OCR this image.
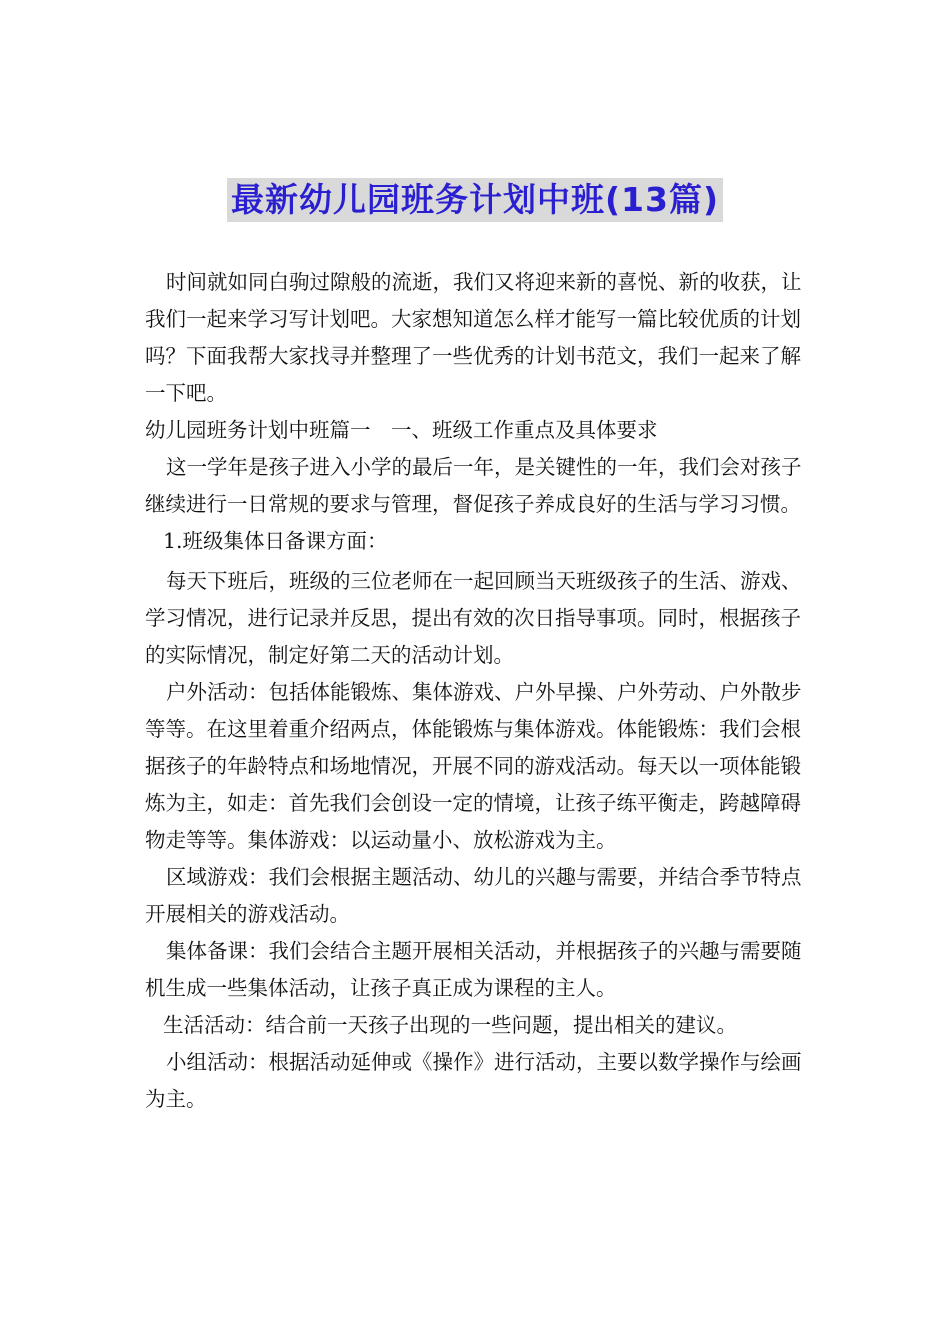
最新幼儿园班务计划中班(13篇)

时间就如同白驹过隙般的流逝，我们又将迎来新的喜悦、新的收获，让我们一起来学习写计划吧。大家想知道怎么样才能写一篇比较优质的计划吗？下面我帮大家找寻并整理了一些优秀的计划书范文，我们一起来了解一下吧。

幼儿园班务计划中班篇一　一、班级工作重点及具体要求

这一学年是孩子进入小学的最后一年，是关键性的一年，我们会对孩子继续进行一日常规的要求与管理，督促孩子养成良好的生活与学习习惯。

1.班级集体日备课方面：

每天下班后，班级的三位老师在一起回顾当天班级孩子的生活、游戏、学习情况，进行记录并反思，提出有效的次日指导事项。同时，根据孩子的实际情况，制定好第二天的活动计划。

户外活动：包括体能锻炼、集体游戏、户外早操、户外劳动、户外散步等等。在这里着重介绍两点，体能锻炼与集体游戏。体能锻炼：我们会根据孩子的年龄特点和场地情况，开展不同的游戏活动。每天以一项体能锻炼为主，如走：首先我们会创设一定的情境，让孩子练平衡走，跨越障碍物走等等。集体游戏：以运动量小、放松游戏为主。

区域游戏：我们会根据主题活动、幼儿的兴趣与需要，并结合季节特点开展相关的游戏活动。

集体备课：我们会结合主题开展相关活动，并根据孩子的兴趣与需要随机生成一些集体活动，让孩子真正成为课程的主人。

生活活动：结合前一天孩子出现的一些问题，提出相关的建议。

小组活动：根据活动延伸或《操作》进行活动，主要以数学操作与绘画为主。
